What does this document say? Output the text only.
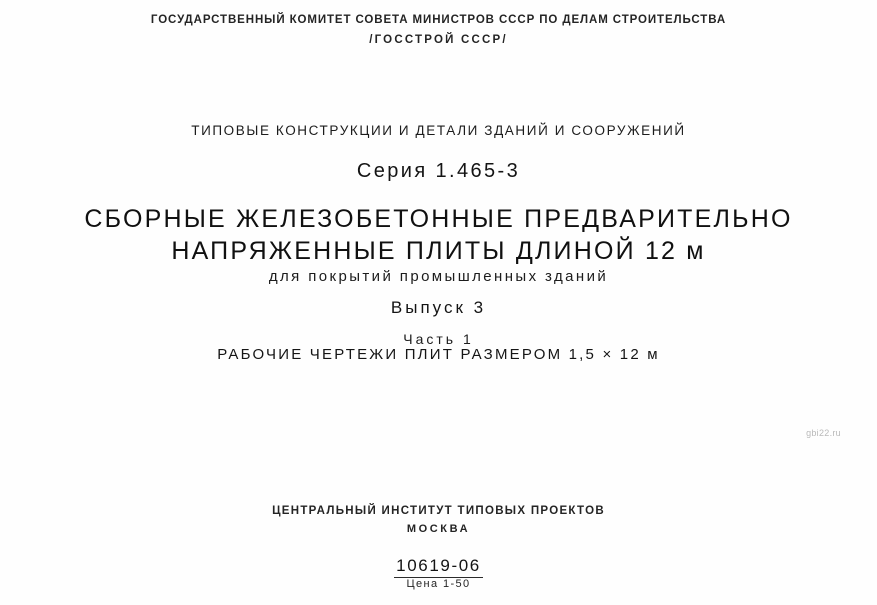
ГОСУДАРСТВЕННЫЙ КОМИТЕТ СОВЕТА МИНИСТРОВ СССР ПО ДЕЛАМ СТРОИТЕЛЬСТВА
/ГОССТРОЙ СССР/
ТИПОВЫЕ КОНСТРУКЦИИ И ДЕТАЛИ ЗДАНИЙ И СООРУЖЕНИЙ
Серия 1.465-3
СБОРНЫЕ ЖЕЛЕЗОБЕТОННЫЕ ПРЕДВАРИТЕЛЬНО
НАПРЯЖЕННЫЕ ПЛИТЫ ДЛИНОЙ 12 м
для покрытий промышленных зданий
Выпуск 3
Часть 1
РАБОЧИЕ ЧЕРТЕЖИ ПЛИТ РАЗМЕРОМ 1,5 × 12 м
gbi22.ru
ЦЕНТРАЛЬНЫЙ ИНСТИТУТ ТИПОВЫХ ПРОЕКТОВ
МОСКВА
10619-06
Цена 1-50
